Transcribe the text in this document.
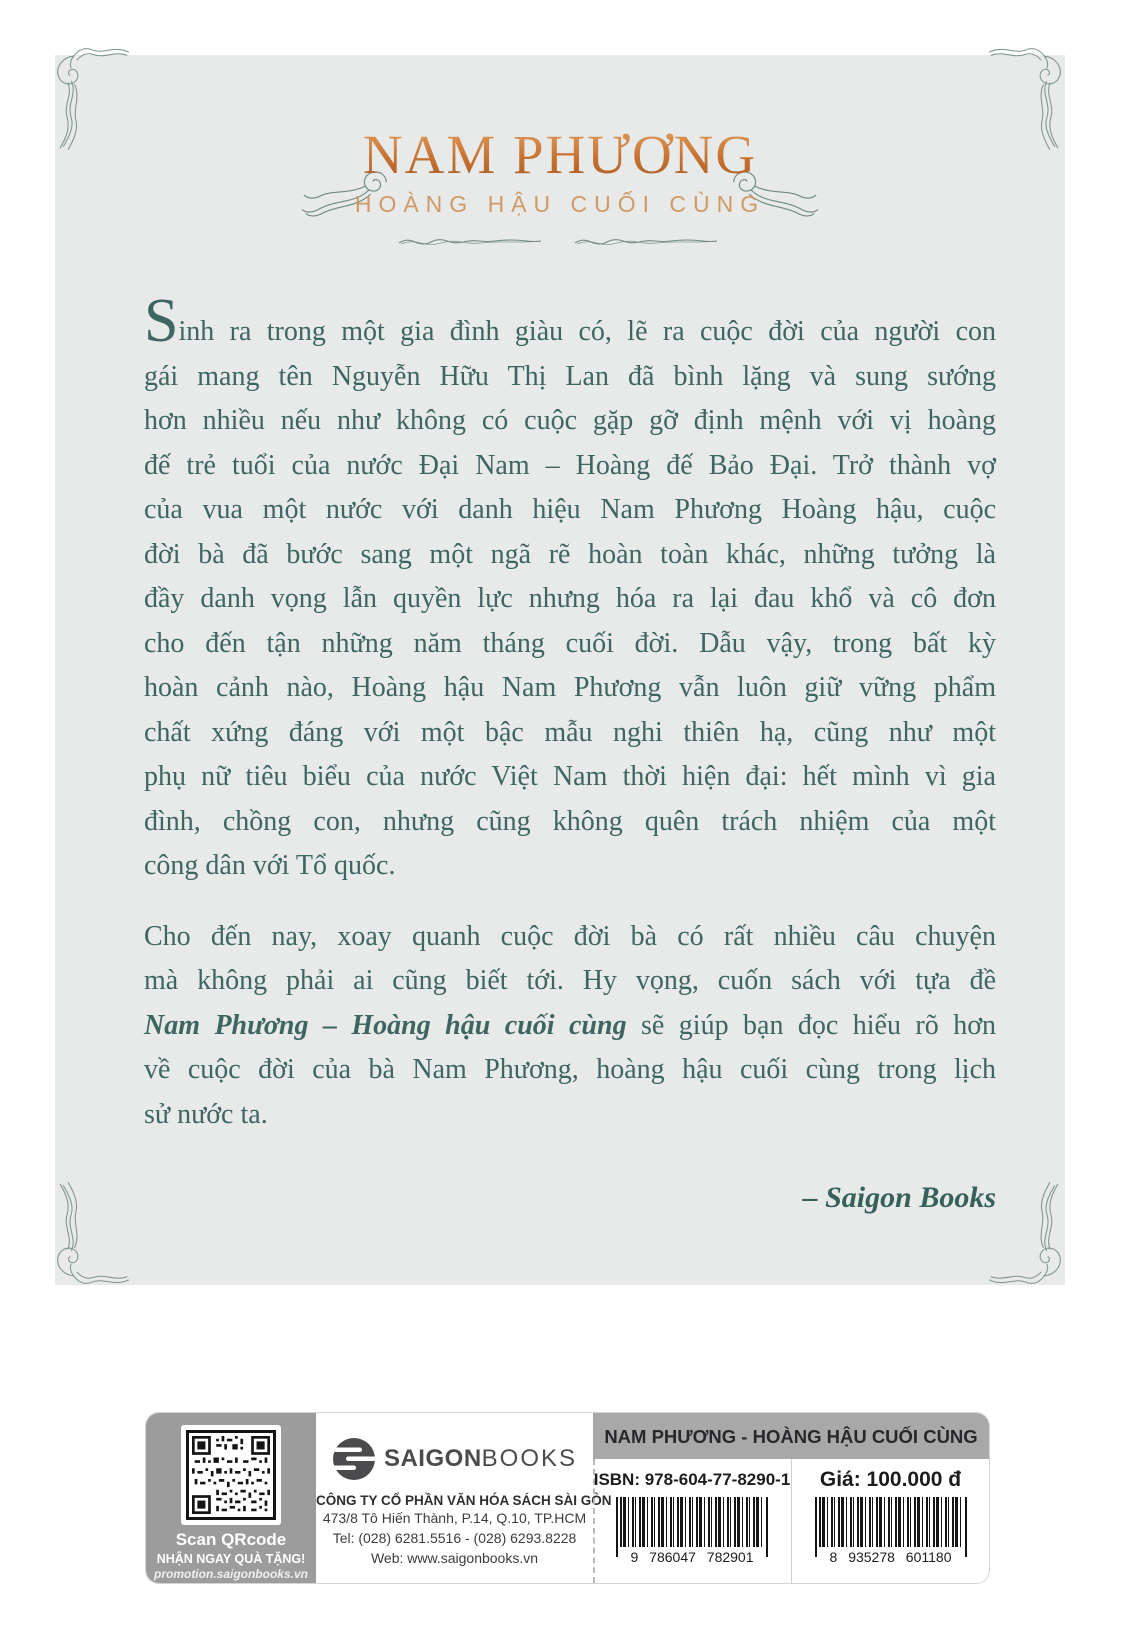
NAM PHƯƠNG
HOÀNG HẬU CUỐI CÙNG
Sinh ra trong một gia đình giàu có, lẽ ra cuộc đời của người con
gái mang tên Nguyễn Hữu Thị Lan đã bình lặng và sung sướng
hơn nhiều nếu như không có cuộc gặp gỡ định mệnh với vị hoàng
đế trẻ tuổi của nước Đại Nam – Hoàng đế Bảo Đại. Trở thành vợ
của vua một nước với danh hiệu Nam Phương Hoàng hậu, cuộc
đời bà đã bước sang một ngã rẽ hoàn toàn khác, những tưởng là
đầy danh vọng lẫn quyền lực nhưng hóa ra lại đau khổ và cô đơn
cho đến tận những năm tháng cuối đời. Dẫu vậy, trong bất kỳ
hoàn cảnh nào, Hoàng hậu Nam Phương vẫn luôn giữ vững phẩm
chất xứng đáng với một bậc mẫu nghi thiên hạ, cũng như một
phụ nữ tiêu biểu của nước Việt Nam thời hiện đại: hết mình vì gia
đình, chồng con, nhưng cũng không quên trách nhiệm của một
công dân với Tổ quốc.
Cho đến nay, xoay quanh cuộc đời bà có rất nhiều câu chuyện
mà không phải ai cũng biết tới. Hy vọng, cuốn sách với tựa đề
Nam Phương – Hoàng hậu cuối cùng sẽ giúp bạn đọc hiểu rõ hơn
về cuộc đời của bà Nam Phương, hoàng hậu cuối cùng trong lịch
sử nước ta.
– Saigon Books
Scan QRcode
NHẬN NGAY QUÀ TẶNG!
promotion.saigonbooks.vn
SAIGONBOOKS
CÔNG TY CỔ PHẦN VĂN HÓA SÁCH SÀI GÒN
473/8 Tô Hiến Thành, P.14, Q.10, TP.HCM
Tel: (028) 6281.5516 - (028) 6293.8228
Web: www.saigonbooks.vn
NAM PHƯƠNG - HOÀNG HẬU CUỐI CÙNG
ISBN: 978-604-77-8290-1
9 786047 782901
Giá: 100.000 đ
8 935278 601180
